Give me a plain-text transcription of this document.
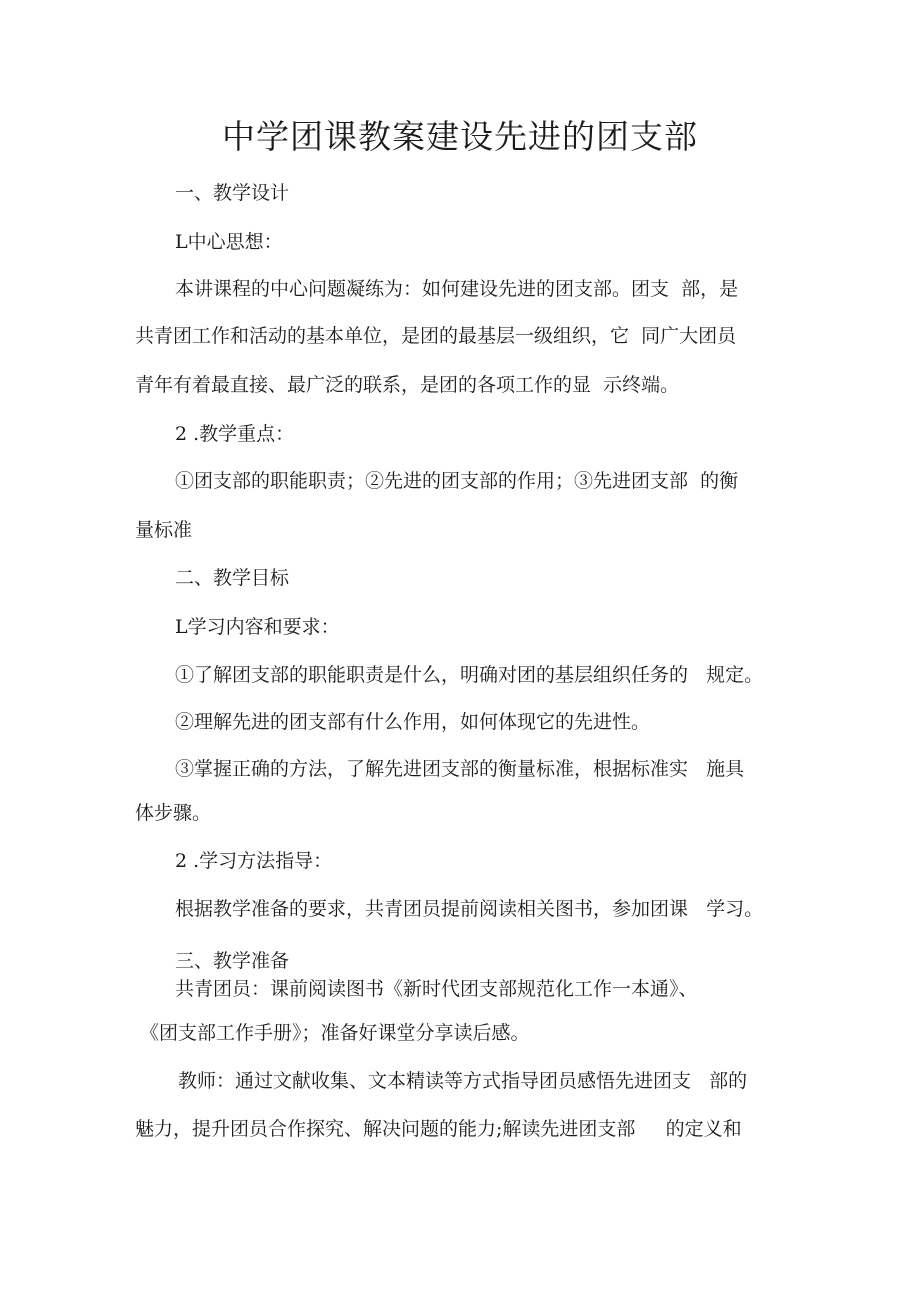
中学团课教案建设先进的团支部

一、教学设计

L中心思想：

本讲课程的中心问题凝练为：如何建设先进的团支部。团支  部，是

共青团工作和活动的基本单位，是团的最基层一级组织，它  同广大团员

青年有着最直接、最广泛的联系，是团的各项工作的显  示终端。

2 .教学重点：

①团支部的职能职责；②先进的团支部的作用；③先进团支部  的衡

量标准

二、教学目标

L学习内容和要求：

①了解团支部的职能职责是什么，明确对团的基层组织任务的   规定。

②理解先进的团支部有什么作用，如何体现它的先进性。

③掌握正确的方法，了解先进团支部的衡量标准，根据标准实   施具

体步骤。

2 .学习方法指导：

根据教学准备的要求，共青团员提前阅读相关图书，参加团课   学习。

三、教学准备

共青团员：课前阅读图书《新时代团支部规范化工作一本通》、

《团支部工作手册》；准备好课堂分享读后感。

教师：通过文献收集、文本精读等方式指导团员感悟先进团支   部的

魅力，提升团员合作探究、解决问题的能力;解读先进团支部     的定义和
